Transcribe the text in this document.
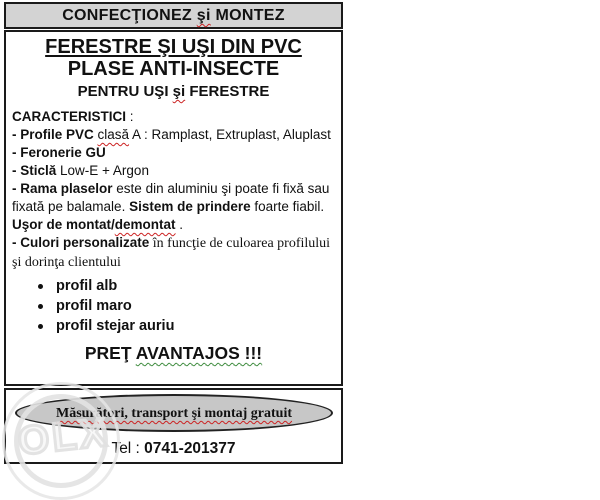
CONFECŢIONEZ şi MONTEZ
FERESTRE ŞI UŞI DIN PVC
PLASE ANTI-INSECTE
PENTRU UŞI şi FERESTRE
CARACTERISTICI :
- Profile PVC clasă A : Ramplast, Extruplast, Aluplast
- Feronerie GU
- Sticlă Low-E + Argon
- Rama plaselor este din aluminiu şi poate fi fixă sau fixată pe balamale. Sistem de prindere foarte fiabil. Uşor de montat/demontat .
- Culori personalizate în funcţie de culoarea profilului şi dorinţa clientului
profil alb
profil maro
profil stejar auriu
PREŢ AVANTAJOS !!!
Măsurători, transport şi montaj gratuit
Tel : 0741-201377
OLX
